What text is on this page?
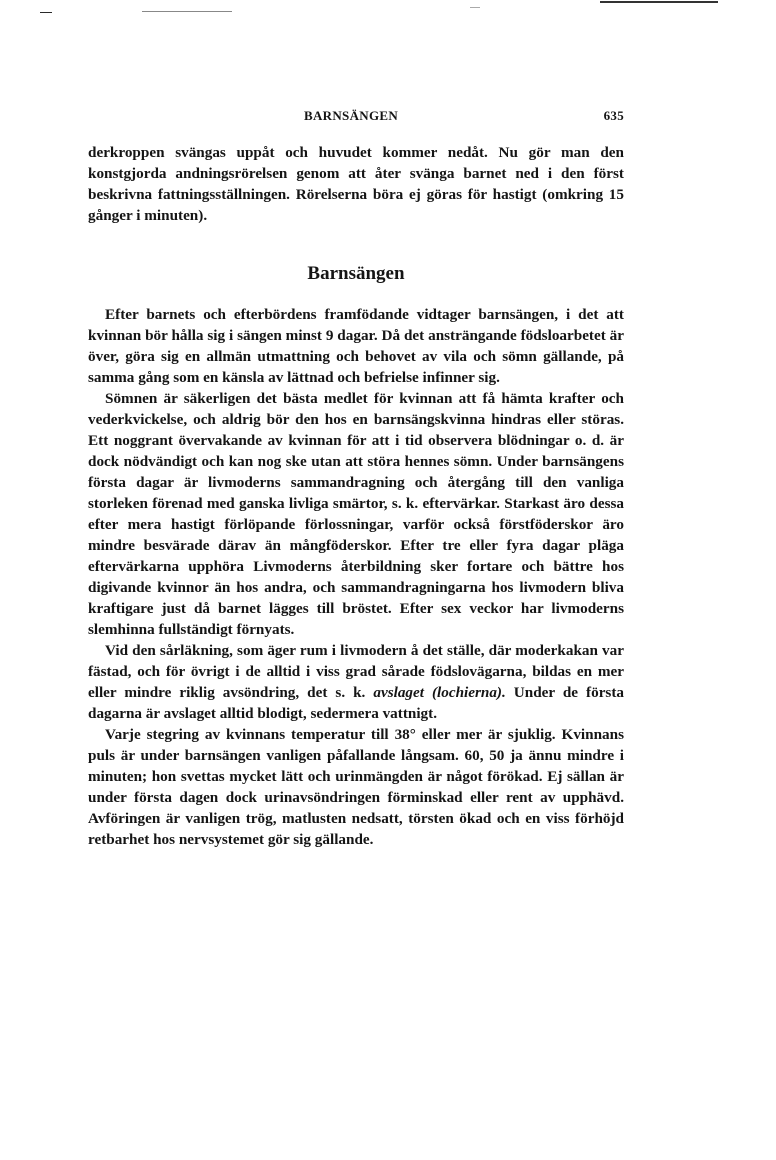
BARNSÄNGEN	635

derkroppen svängas uppåt och huvudet kommer nedåt. Nu gör man den konstgjorda andningsrörelsen genom att åter svänga barnet ned i den först beskrivna fattningsställningen. Rörelserna böra ej göras för hastigt (omkring 15 gånger i minuten).

Barnsängen

Efter barnets och efterbördens framfödande vidtager barnsängen, i det att kvinnan bör hålla sig i sängen minst 9 dagar. Då det ansträngande födsloarbetet är över, göra sig en allmän utmattning och behovet av vila och sömn gällande, på samma gång som en känsla av lättnad och befrielse infinner sig.

Sömnen är säkerligen det bästa medlet för kvinnan att få hämta krafter och vederkvickelse, och aldrig bör den hos en barnsängskvinna hindras eller störas. Ett noggrant övervakande av kvinnan för att i tid observera blödningar o. d. är dock nödvändigt och kan nog ske utan att störa hennes sömn. Under barnsängens första dagar är livmoderns sammandragning och återgång till den vanliga storleken förenad med ganska livliga smärtor, s. k. eftervärkar. Starkast äro dessa efter mera hastigt förlöpande förlossningar, varför också förstföderskor äro mindre besvärade därav än mångföderskor. Efter tre eller fyra dagar pläga eftervärkarna upphöra Livmoderns återbildning sker fortare och bättre hos digivande kvinnor än hos andra, och sammandragningarna hos livmodern bliva kraftigare just då barnet lägges till bröstet. Efter sex veckor har livmoderns slemhinna fullständigt förnyats.

Vid den sårläkning, som äger rum i livmodern å det ställe, där moderkakan var fästad, och för övrigt i de alltid i viss grad sårade födslovägarna, bildas en mer eller mindre riklig avsöndring, det s. k. avslaget (lochierna). Under de första dagarna är avslaget alltid blodigt, sedermera vattnigt.

Varje stegring av kvinnans temperatur till 38° eller mer är sjuklig. Kvinnans puls är under barnsängen vanligen påfallande långsam. 60, 50 ja ännu mindre i minuten; hon svettas mycket lätt och urinmängden är något förökad. Ej sällan är under första dagen dock urinavsöndringen förminskad eller rent av upphävd. Avföringen är vanligen trög, matlusten nedsatt, törsten ökad och en viss förhöjd retbarhet hos nervsystemet gör sig gällande.
